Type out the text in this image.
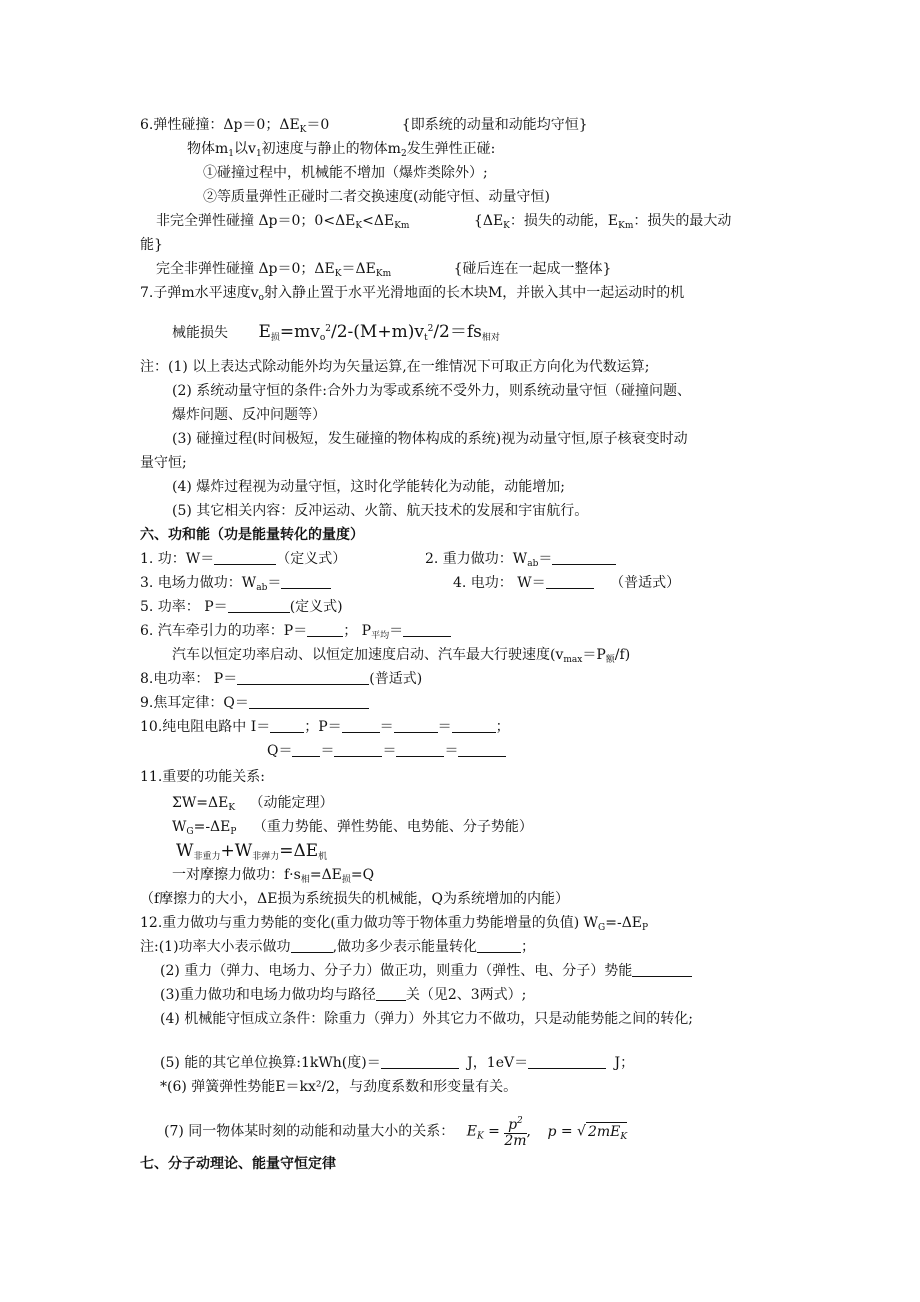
6.弹性碰撞：Δp＝0；$\Delta E_K=0$	{即系统的动量和动能均守恒}
物体$m_1$以$v_1$初速度与静止的物体$m_2$发生弹性正碰:
①碰撞过程中，机械能不增加（爆炸类除外）;
②等质量弹性正碰时二者交换速度(动能守恒、动量守恒)
非完全弹性碰撞 Δp＝0；$0<\Delta E_K<\Delta E_{Km}$	{$\Delta E_K$：损失的动能，$E_{Km}$：损失的最大动
能}
完全非弹性碰撞 Δp＝0；$\Delta E_K=\Delta E_{Km}$	{碰后连在一起成一整体}
7.子弹m水平速度$v_o$射入静止置于水平光滑地面的长木块M，并嵌入其中一起运动时的机
械能损失 $E_损=mv_o^2/2-(M+m)v_t^2/2=fs_{相对}$
注：(1) 以上表达式除动能外均为矢量运算,在一维情况下可取正方向化为代数运算;
(2) 系统动量守恒的条件:合外力为零或系统不受外力，则系统动量守恒（碰撞问题、
爆炸问题、反冲问题等）
(3) 碰撞过程(时间极短，发生碰撞的物体构成的系统)视为动量守恒,原子核衰变时动
量守恒;
(4) 爆炸过程视为动量守恒，这时化学能转化为动能，动能增加;
(5) 其它相关内容：反冲运动、火箭、航天技术的发展和宇宙航行。
六、功和能（功是能量转化的量度）
1. 功：W＝	（定义式）	2. 重力做功：$W_{ab}=$
3. 电场力做功：$W_{ab}=$	4. 电功： W＝	（普适式）
5. 功率： P＝	(定义式)
6. 汽车牵引力的功率：P＝	； $P_{平均}=$
汽车以恒定功率启动、以恒定加速度启动、汽车最大行驶速度$(v_{max}=P_额/f)$
8.电功率： P＝	(普适式)
9.焦耳定律：Q＝
10.纯电阻电路中 I＝ ；P＝	＝	＝	；
Q＝ ＝	＝	＝
11.重要的功能关系:
$\Sigma W=\Delta E_K$ （动能定理）
$W_G=-\Delta E_P$ （重力势能、弹性势能、电势能、分子势能）
$W_{非重力}+W_{非弹力}=\Delta E_机$
一对摩擦力做功：$f\cdot s_相=\Delta E_损=Q$
（f摩擦力的大小，ΔE损为系统损失的机械能，Q为系统增加的内能）
12.重力做功与重力势能的变化(重力做功等于物体重力势能增量的负值) $W_G=-\Delta E_P$
注:(1)功率大小表示做功	,做功多少表示能量转化	；
(2) 重力（弹力、电场力、分子力）做正功，则重力（弹性、电、分子）势能
(3)重力做功和电场力做功均与路径 关（见2、3两式）;
(4) 机械能守恒成立条件：除重力（弹力）外其它力不做功，只是动能势能之间的转化;
(5) 能的其它单位换算:1kWh(度)＝	J，1eV＝	J；
*(6) 弹簧弹性势能E＝kx²/2，与劲度系数和形变量有关。
(7) 同一物体某时刻的动能和动量大小的关系： $E_K = \frac{p^2}{2m}$ , p = √ $2mE_K$
七、分子动理论、能量守恒定律
